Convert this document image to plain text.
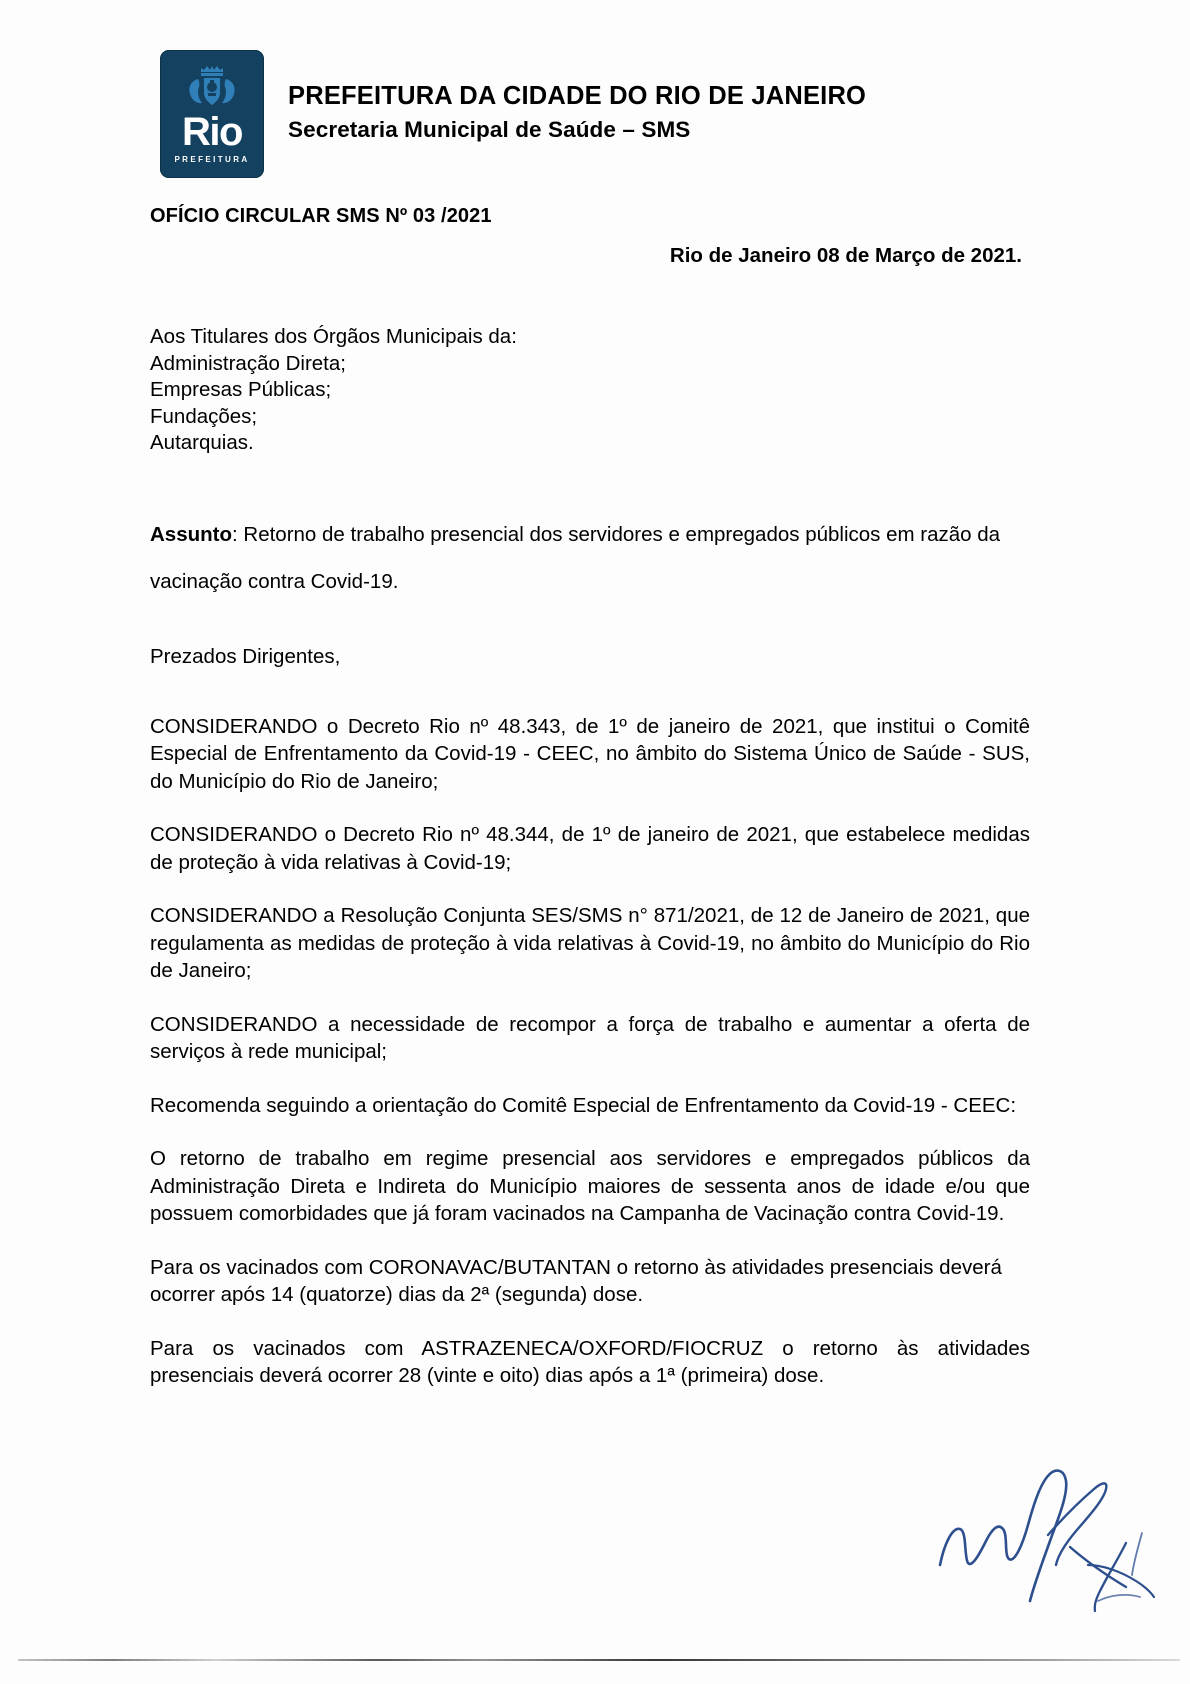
Rio
PREFEITURA
PREFEITURA DA CIDADE DO RIO DE JANEIRO
Secretaria Municipal de Saúde – SMS
OFÍCIO CIRCULAR SMS Nº 03 /2021
Rio de Janeiro 08 de Março de 2021.
Aos Titulares dos Órgãos Municipais da:
Administração Direta;
Empresas Públicas;
Fundações;
Autarquias.
Assunto: Retorno de trabalho presencial dos servidores e empregados públicos em razão da vacinação contra Covid-19.
Prezados Dirigentes,
CONSIDERANDO o Decreto Rio nº 48.343, de 1º de janeiro de 2021, que institui o Comitê Especial de Enfrentamento da Covid-19 - CEEC, no âmbito do Sistema Único de Saúde - SUS, do Município do Rio de Janeiro;
CONSIDERANDO o Decreto Rio nº 48.344, de 1º de janeiro de 2021, que estabelece medidas de proteção à vida relativas à Covid-19;
CONSIDERANDO a Resolução Conjunta SES/SMS n° 871/2021, de 12 de Janeiro de 2021, que regulamenta as medidas de proteção à vida relativas à Covid-19, no âmbito do Município do Rio de Janeiro;
CONSIDERANDO a necessidade de recompor a força de trabalho e aumentar a oferta de serviços à rede municipal;
Recomenda seguindo a orientação do Comitê Especial de Enfrentamento da Covid-19 - CEEC:
O retorno de trabalho em regime presencial aos servidores e empregados públicos da Administração Direta e Indireta do Município maiores de sessenta anos de idade e/ou que possuem comorbidades que já foram vacinados na Campanha de Vacinação contra Covid-19.
Para os vacinados com CORONAVAC/BUTANTAN o retorno às atividades presenciais deverá ocorrer após 14 (quatorze) dias da 2ª (segunda) dose.
Para os vacinados com ASTRAZENECA/OXFORD/FIOCRUZ o retorno às atividades presenciais deverá ocorrer 28 (vinte e oito) dias após a 1ª (primeira) dose.
